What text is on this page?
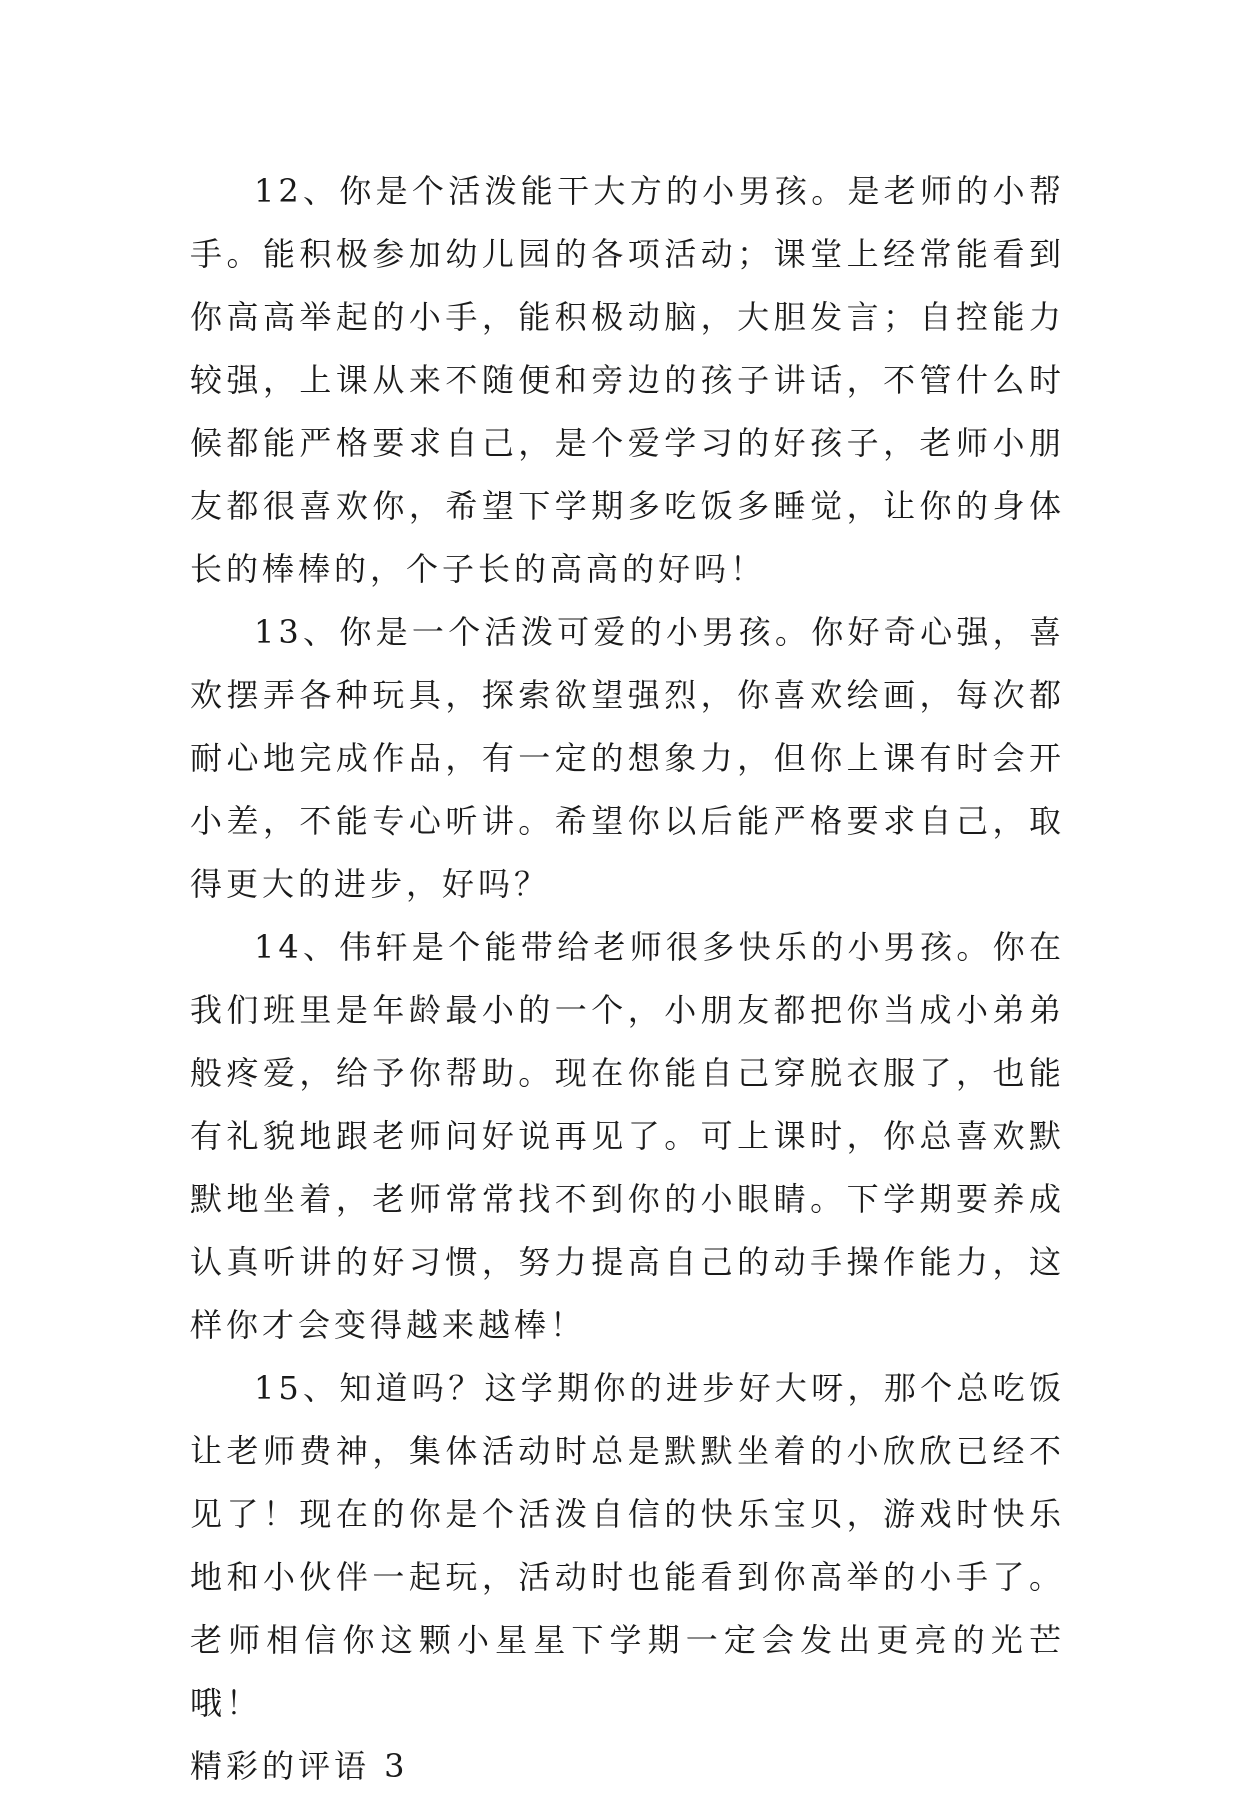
12、你是个活泼能干大方的小男孩。是老师的小帮手。能积极参加幼儿园的各项活动；课堂上经常能看到你高高举起的小手，能积极动脑，大胆发言；自控能力较强，上课从来不随便和旁边的孩子讲话，不管什么时候都能严格要求自己，是个爱学习的好孩子，老师小朋友都很喜欢你，希望下学期多吃饭多睡觉，让你的身体长的棒棒的，个子长的高高的好吗！

13、你是一个活泼可爱的小男孩。你好奇心强，喜欢摆弄各种玩具，探索欲望强烈，你喜欢绘画，每次都耐心地完成作品，有一定的想象力，但你上课有时会开小差，不能专心听讲。希望你以后能严格要求自己，取得更大的进步，好吗？

14、伟轩是个能带给老师很多快乐的小男孩。你在我们班里是年龄最小的一个，小朋友都把你当成小弟弟般疼爱，给予你帮助。现在你能自己穿脱衣服了，也能有礼貌地跟老师问好说再见了。可上课时，你总喜欢默默地坐着，老师常常找不到你的小眼睛。下学期要养成认真听讲的好习惯，努力提高自己的动手操作能力，这样你才会变得越来越棒！

15、知道吗？这学期你的进步好大呀，那个总吃饭让老师费神，集体活动时总是默默坐着的小欣欣已经不见了！现在的你是个活泼自信的快乐宝贝，游戏时快乐地和小伙伴一起玩，活动时也能看到你高举的小手了。老师相信你这颗小星星下学期一定会发出更亮的光芒哦！

精彩的评语 3
